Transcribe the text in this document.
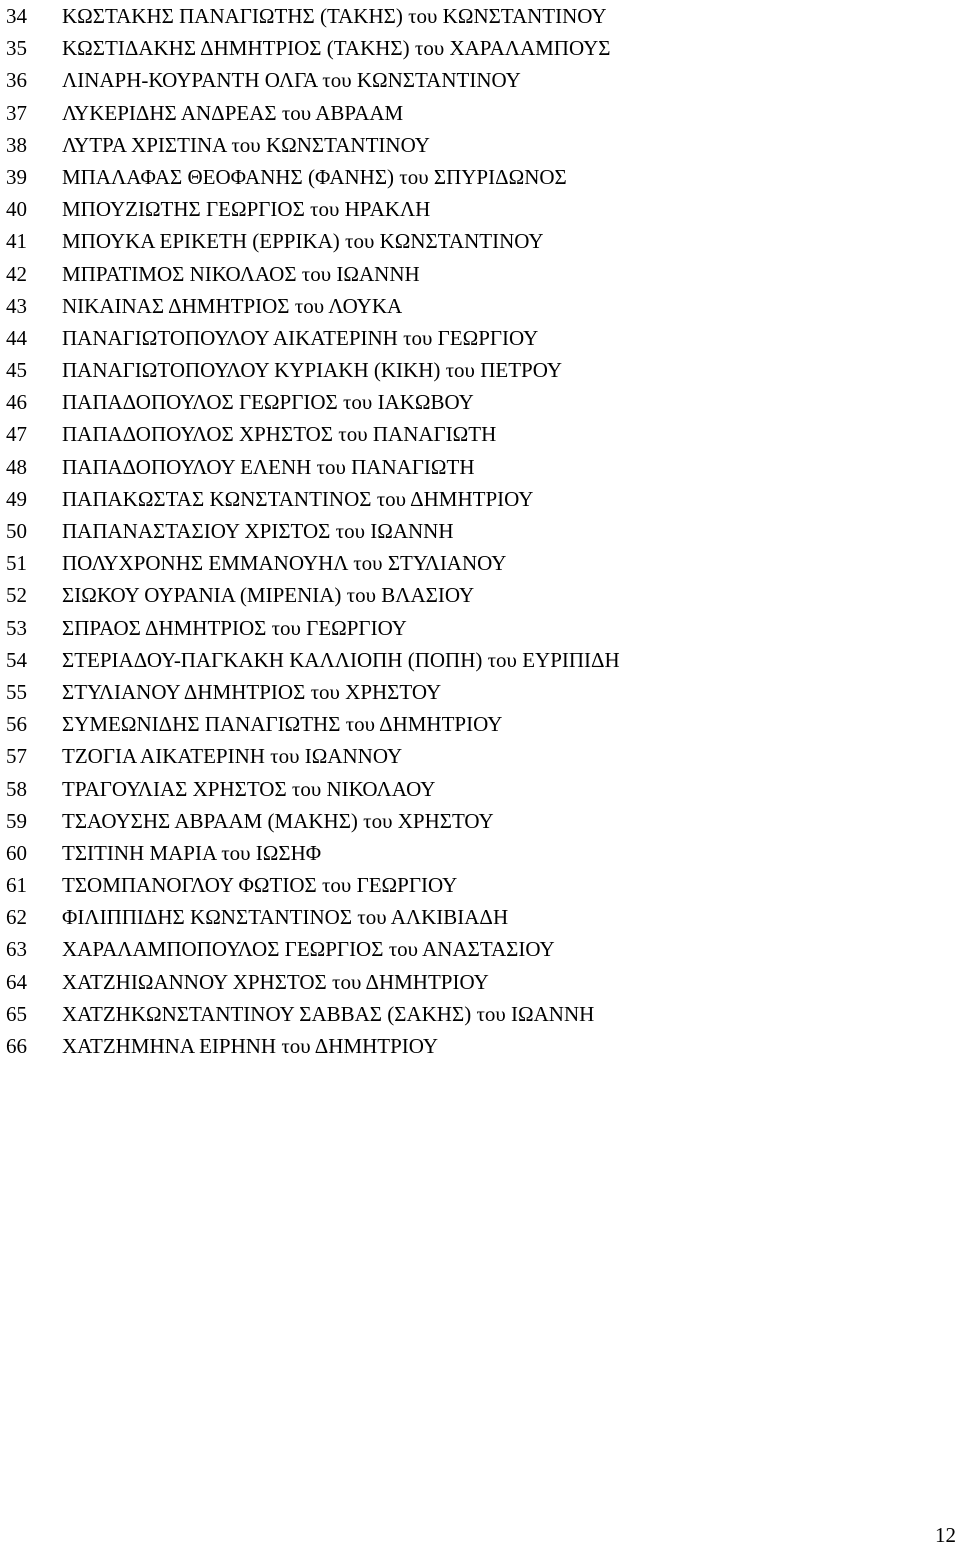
34 ΚΩΣΤΑΚΗΣ ΠΑΝΑΓΙΩΤΗΣ (ΤΑΚΗΣ) του ΚΩΝΣΤΑΝΤΙΝΟΥ
35 ΚΩΣΤΙΔΑΚΗΣ ΔΗΜΗΤΡΙΟΣ (ΤΑΚΗΣ) του ΧΑΡΑΛΑΜΠΟΥΣ
36 ΛΙΝΑΡΗ-ΚΟΥΡΑΝΤΗ ΟΛΓΑ του ΚΩΝΣΤΑΝΤΙΝΟΥ
37 ΛΥΚΕΡΙΔΗΣ ΑΝΔΡΕΑΣ του ΑΒΡΑΑΜ
38 ΛΥΤΡΑ ΧΡΙΣΤΙΝΑ του ΚΩΝΣΤΑΝΤΙΝΟΥ
39 ΜΠΑΛΑΦΑΣ ΘΕΟΦΑΝΗΣ (ΦΑΝΗΣ) του ΣΠΥΡΙΔΩΝΟΣ
40 ΜΠΟΥΖΙΩΤΗΣ ΓΕΩΡΓΙΟΣ του ΗΡΑΚΛΗ
41 ΜΠΟΥΚΑ ΕΡΙΚΕΤΗ (ΕΡΡΙΚΑ) του ΚΩΝΣΤΑΝΤΙΝΟΥ
42 ΜΠΡΑΤΙΜΟΣ ΝΙΚΟΛΑΟΣ του ΙΩΑΝΝΗ
43 ΝΙΚΑΙΝΑΣ ΔΗΜΗΤΡΙΟΣ του ΛΟΥΚΑ
44 ΠΑΝΑΓΙΩΤΟΠΟΥΛΟΥ ΑΙΚΑΤΕΡΙΝΗ του ΓΕΩΡΓΙΟΥ
45 ΠΑΝΑΓΙΩΤΟΠΟΥΛΟΥ ΚΥΡΙΑΚΗ (ΚΙΚΗ) του ΠΕΤΡΟΥ
46 ΠΑΠΑΔΟΠΟΥΛΟΣ ΓΕΩΡΓΙΟΣ του ΙΑΚΩΒΟΥ
47 ΠΑΠΑΔΟΠΟΥΛΟΣ ΧΡΗΣΤΟΣ του ΠΑΝΑΓΙΩΤΗ
48 ΠΑΠΑΔΟΠΟΥΛΟΥ ΕΛΕΝΗ του ΠΑΝΑΓΙΩΤΗ
49 ΠΑΠΑΚΩΣΤΑΣ ΚΩΝΣΤΑΝΤΙΝΟΣ του ΔΗΜΗΤΡΙΟΥ
50 ΠΑΠΑΝΑΣΤΑΣΙΟΥ ΧΡΙΣΤΟΣ του ΙΩΑΝΝΗ
51 ΠΟΛΥΧΡΟΝΗΣ ΕΜΜΑΝΟΥΗΛ του ΣΤΥΛΙΑΝΟΥ
52 ΣΙΩΚΟΥ ΟΥΡΑΝΙΑ (ΜΙΡΕΝΙΑ) του ΒΛΑΣΙΟΥ
53 ΣΠΡΑΟΣ ΔΗΜΗΤΡΙΟΣ του ΓΕΩΡΓΙΟΥ
54 ΣΤΕΡΙΑΔΟΥ-ΠΑΓΚΑΚΗ ΚΑΛΛΙΟΠΗ (ΠΟΠΗ) του ΕΥΡΙΠΙΔΗ
55 ΣΤΥΛΙΑΝΟΥ ΔΗΜΗΤΡΙΟΣ του ΧΡΗΣΤΟΥ
56 ΣΥΜΕΩΝΙΔΗΣ ΠΑΝΑΓΙΩΤΗΣ του ΔΗΜΗΤΡΙΟΥ
57 ΤΖΟΓΙΑ ΑΙΚΑΤΕΡΙΝΗ του ΙΩΑΝΝΟΥ
58 ΤΡΑΓΟΥΛΙΑΣ ΧΡΗΣΤΟΣ του ΝΙΚΟΛΑΟΥ
59 ΤΣΑΟΥΣΗΣ ΑΒΡΑΑΜ (ΜΑΚΗΣ) του ΧΡΗΣΤΟΥ
60 ΤΣΙΤΙΝΗ ΜΑΡΙΑ του ΙΩΣΗΦ
61 ΤΣΟΜΠΑΝΟΓΛΟΥ ΦΩΤΙΟΣ του ΓΕΩΡΓΙΟΥ
62 ΦΙΛΙΠΠΙΔΗΣ ΚΩΝΣΤΑΝΤΙΝΟΣ του ΑΛΚΙΒΙΑΔΗ
63 ΧΑΡΑΛΑΜΠΟΠΟΥΛΟΣ ΓΕΩΡΓΙΟΣ του ΑΝΑΣΤΑΣΙΟΥ
64 ΧΑΤΖΗΙΩΑΝΝΟΥ ΧΡΗΣΤΟΣ του ΔΗΜΗΤΡΙΟΥ
65 ΧΑΤΖΗΚΩΝΣΤΑΝΤΙΝΟΥ ΣΑΒΒΑΣ (ΣΑΚΗΣ) του ΙΩΑΝΝΗ
66 ΧΑΤΖΗΜΗΝΑ ΕΙΡΗΝΗ του ΔΗΜΗΤΡΙΟΥ
12
